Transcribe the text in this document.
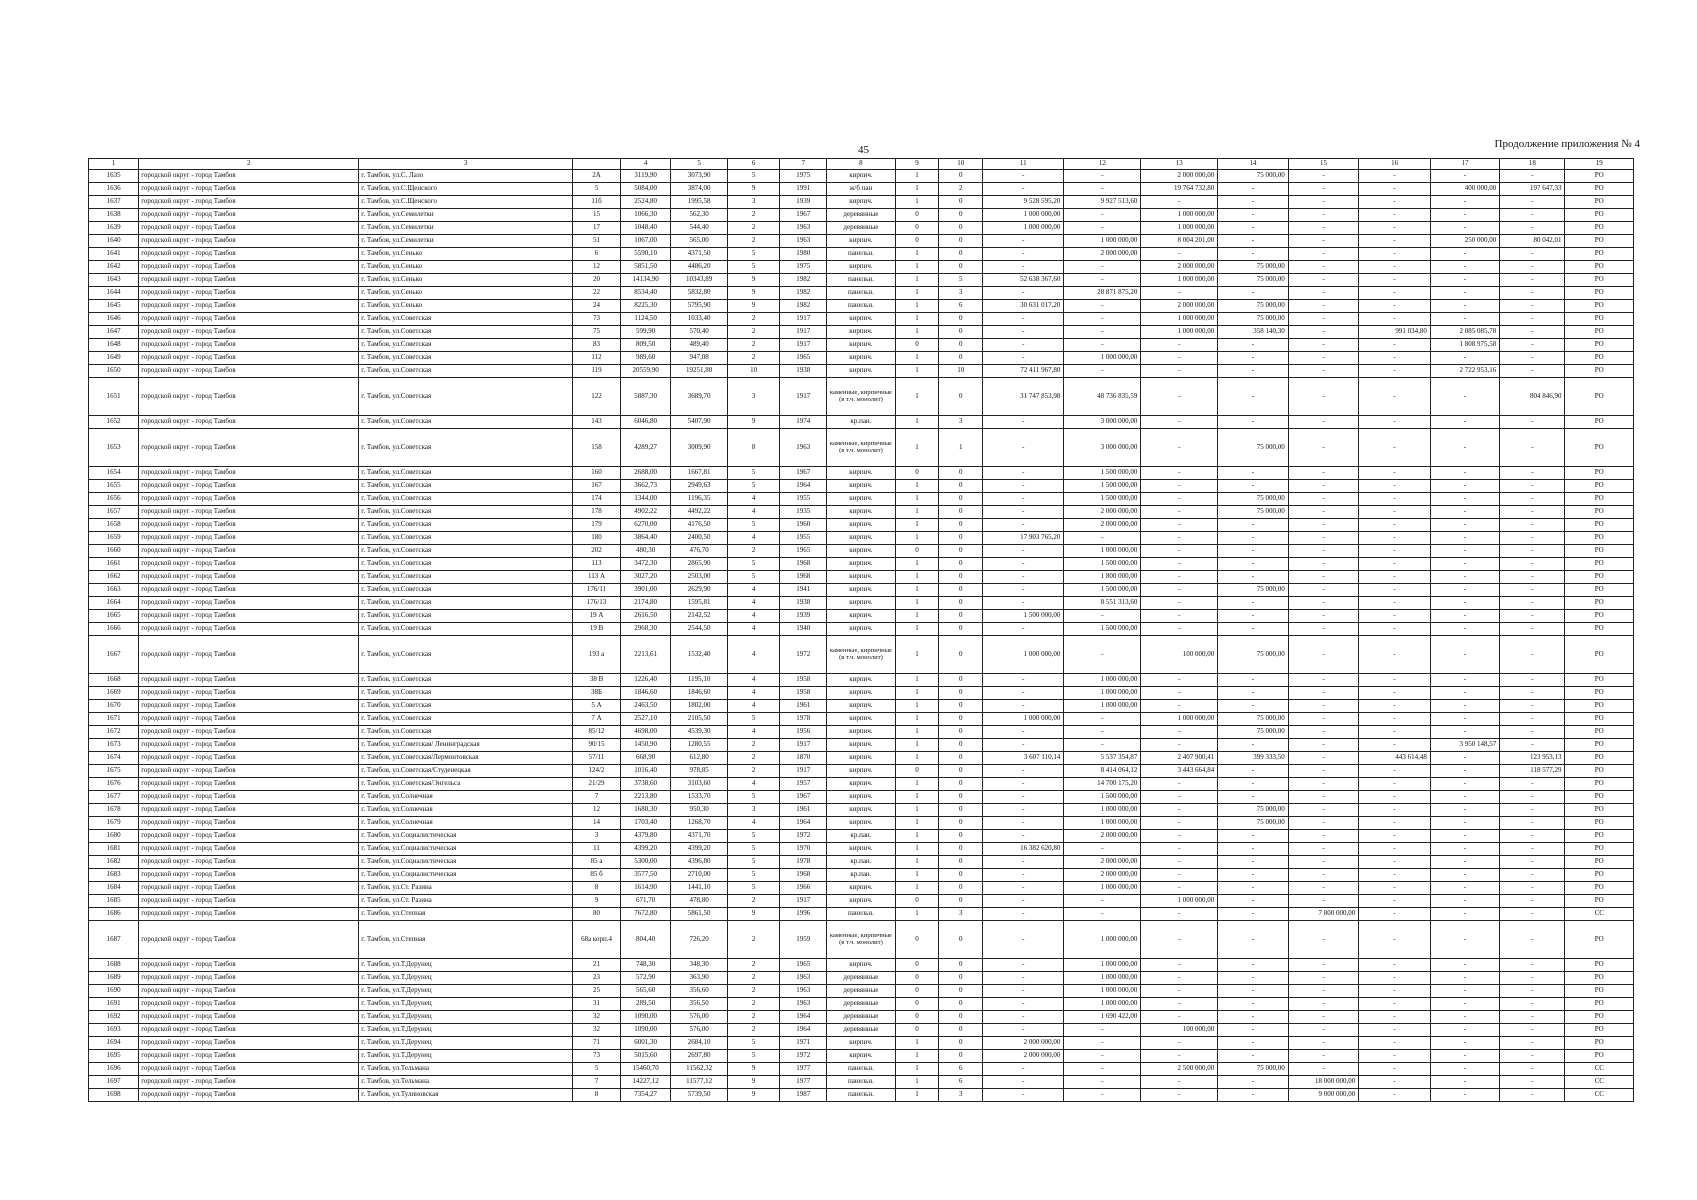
45	Продолжение приложения № 4
1	2	3		4	5	6	7	8	9	10	11	12	13	14	15	16	17	18	19
1635	городской округ - город Тамбов	г. Тамбов, ул.С. Лазо	2А	3119,90	3073,90	5	1975	кирпич.	1	0	-	-	2 000 000,00	75 000,00	-	-	-	-	РО
1636	городской округ - город Тамбов	г. Тамбов, ул.С.Щенского	5	5084,00	3874,00	9	1991	ж/б пан	1	2	-	-	19 764 732,80	-	-	-	400 000,00	197 647,33	РО
1637	городской округ - город Тамбов	г. Тамбов, ул.С.Щенского	11б	2524,80	1995,58	3	1939	кирпич.	1	0	9 528 595,20	9 927 513,60	-	-	-	-	-	-	РО
1638	городской округ - город Тамбов	г. Тамбов, ул.Семилетки	15	1066,30	562,30	2	1967	деревянные	0	0	1 000 000,00	-	1 000 000,00	-	-	-	-	-	РО
1639	городской округ - город Тамбов	г. Тамбов, ул.Семилетки	17	1048,40	544,40	2	1963	деревянные	0	0	1 000 000,00	-	1 000 000,00	-	-	-	-	-	РО
1640	городской округ - город Тамбов	г. Тамбов, ул.Семилетки	51	1067,00	565,00	2	1963	кирпич.	0	0	-	1 000 000,00	8 004 201,00	-	-	-	250 000,00	80 042,01	РО
1641	городской округ - город Тамбов	г. Тамбов, ул.Сенько	6	5590,10	4371,50	5	1980	панельн.	1	0	-	2 000 000,00	-	-	-	-	-	-	РО
1642	городской округ - город Тамбов	г. Тамбов, ул.Сенько	12	5851,50	4486,20	5	1975	кирпич.	1	0	-	-	2 000 000,00	75 000,00	-	-	-	-	РО
1643	городской округ - город Тамбов	г. Тамбов, ул.Сенько	20	14134,90	10343,89	9	1982	панельн.	1	5	52 638 367,60	-	1 000 000,00	75 000,00	-	-	-	-	РО
1644	городской округ - город Тамбов	г. Тамбов, ул.Сенько	22	8534,40	5832,80	9	1982	панельн.	1	3	-	28 871 875,20	-	-	-	-	-	-	РО
1645	городской округ - город Тамбов	г. Тамбов, ул.Сенько	24	8225,30	5795,90	9	1982	панельн.	1	6	30 631 017,20	-	2 000 000,00	75 000,00	-	-	-	-	РО
1646	городской округ - город Тамбов	г. Тамбов, ул.Советская	73	1124,50	1033,40	2	1917	кирпич.	1	0	-	-	1 000 000,00	75 000,00	-	-	-	-	РО
1647	городской округ - город Тамбов	г. Тамбов, ул.Советская	75	599,90	570,40	2	1917	кирпич.	1	0	-	-	1 000 000,00	358 140,30	-	991 034,80	2 085 085,78	-	РО
1648	городской округ - город Тамбов	г. Тамбов, ул.Советская	83	809,50	489,40	2	1917	кирпич.	0	0	-	-	-	-	-	-	1 808 975,58	-	РО
1649	городской округ - город Тамбов	г. Тамбов, ул.Советская	112	989,60	947,08	2	1965	кирпич.	1	0	-	1 000 000,00	-	-	-	-	-	-	РО
1650	городской округ - город Тамбов	г. Тамбов, ул.Советская	119	20559,90	19251,80	10	1938	кирпич.	1	10	72 411 967,80	-	-	-	-	-	2 722 953,16	-	РО
1651	городской округ - город Тамбов	г. Тамбов, ул.Советская	122	5887,30	3689,70	3	1917	каменные, кирпичные (в т.ч. монолит)	1	0	31 747 853,98	48 736 835,59	-	-	-	-	-	804 846,90	РО
1652	городской округ - город Тамбов	г. Тамбов, ул.Советская	143	6046,80	5407,90	9	1974	кр.пан.	1	3	-	3 000 000,00	-	-	-	-	-	-	РО
1653	городской округ - город Тамбов	г. Тамбов, ул.Советская	158	4289,27	3009,90	8	1963	каменные, кирпичные (в т.ч. монолит)	1	1	-	3 000 000,00	-	75 000,00	-	-	-	-	РО
1654	городской округ - город Тамбов	г. Тамбов, ул.Советская	160	2688,00	1667,81	5	1967	кирпич.	0	0	-	1 500 000,00	-	-	-	-	-	-	РО
1655	городской округ - город Тамбов	г. Тамбов, ул.Советская	167	3662,73	2949,63	5	1964	кирпич.	1	0	-	1 500 000,00	-	-	-	-	-	-	РО
1656	городской округ - город Тамбов	г. Тамбов, ул.Советская	174	1344,00	1196,35	4	1955	кирпич.	1	0	-	1 500 000,00	-	75 000,00	-	-	-	-	РО
1657	городской округ - город Тамбов	г. Тамбов, ул.Советская	178	4902,22	4492,22	4	1935	кирпич.	1	0	-	2 000 000,00	-	75 000,00	-	-	-	-	РО
1658	городской округ - город Тамбов	г. Тамбов, ул.Советская	179	6270,00	4176,50	5	1960	кирпич.	1	0	-	2 000 000,00	-	-	-	-	-	-	РО
1659	городской округ - город Тамбов	г. Тамбов, ул.Советская	180	3864,40	2400,50	4	1955	кирпич.	1	0	17 903 765,20	-	-	-	-	-	-	-	РО
1660	городской округ - город Тамбов	г. Тамбов, ул.Советская	202	480,30	476,70	2	1965	кирпич.	0	0	-	1 000 000,00	-	-	-	-	-	-	РО
1661	городской округ - город Тамбов	г. Тамбов, ул.Советская	113	3472,30	2865,90	5	1968	кирпич.	1	0	-	1 500 000,00	-	-	-	-	-	-	РО
1662	городской округ - город Тамбов	г. Тамбов, ул.Советская	113 А	3027,20	2503,00	5	1968	кирпич.	1	0	-	1 800 000,00	-	-	-	-	-	-	РО
1663	городской округ - город Тамбов	г. Тамбов, ул.Советская	176/11	3901,00	2629,90	4	1941	кирпич.	1	0	-	1 500 000,00	-	75 000,00	-	-	-	-	РО
1664	городской округ - город Тамбов	г. Тамбов, ул.Советская	176/13	2174,80	1595,81	4	1938	кирпич.	1	0	-	8 551 313,60	-	-	-	-	-	-	РО
1665	городской округ - город Тамбов	г. Тамбов, ул.Советская	19 А	2616,50	2142,52	4	1939	кирпич.	1	0	1 500 000,00	-	-	-	-	-	-	-	РО
1666	городской округ - город Тамбов	г. Тамбов, ул.Советская	19 В	2968,30	2544,50	4	1940	кирпич.	1	0	-	1 500 000,00	-	-	-	-	-	-	РО
1667	городской округ - город Тамбов	г. Тамбов, ул.Советская	193 а	2213,61	1532,40	4	1972	каменные, кирпичные (в т.ч. монолит)	1	0	1 000 000,00	-	100 000,00	75 000,00	-	-	-	-	РО
1668	городской округ - город Тамбов	г. Тамбов, ул.Советская	38 В	1226,40	1195,10	4	1958	кирпич.	1	0	-	1 000 000,00	-	-	-	-	-	-	РО
1669	городской округ - город Тамбов	г. Тамбов, ул.Советская	38Б	1846,60	1846,60	4	1958	кирпич.	1	0	-	1 000 000,00	-	-	-	-	-	-	РО
1670	городской округ - город Тамбов	г. Тамбов, ул.Советская	5 А	2463,50	1802,00	4	1961	кирпич.	1	0	-	1 000 000,00	-	-	-	-	-	-	РО
1671	городской округ - город Тамбов	г. Тамбов, ул.Советская	7 А	2527,10	2105,50	5	1978	кирпич.	1	0	1 000 000,00	-	1 000 000,00	75 000,00	-	-	-	-	РО
1672	городской округ - город Тамбов	г. Тамбов, ул.Советская	85/12	4698,00	4539,30	4	1956	кирпич.	1	0	-	-	-	75 000,00	-	-	-	-	РО
1673	городской округ - город Тамбов	г. Тамбов, ул.Советская/ Ленинградская	90/15	1450,90	1280,55	2	1917	кирпич.	1	0	-	-	-	-	-	-	3 950 148,57	-	РО
1674	городской округ - город Тамбов	г. Тамбов, ул.Советская/Лермонтовская	57/11	668,90	612,80	2	1870	кирпич.	1	0	3 607 110,14	5 537 354,87	2 407 900,41	399 333,50	-	443 614,48	-	123 953,13	РО
1675	городской округ - город Тамбов	г. Тамбов, ул.Советская/Студенецкая	124/2	1016,40	978,85	2	1917	кирпич.	0	0	-	8 414 064,12	3 443 664,84	-	-	-	-	118 577,29	РО
1676	городской округ - город Тамбов	г. Тамбов, ул.Советская/Энгельса	21/29	3738,60	3103,60	4	1957	кирпич.	1	0	-	14 700 175,20	-	-	-	-	-	-	РО
1677	городской округ - город Тамбов	г. Тамбов, ул.Солнечная	7	2213,80	1533,70	5	1967	кирпич.	1	0	-	1 500 000,00	-	-	-	-	-	-	РО
1678	городской округ - город Тамбов	г. Тамбов, ул.Солнечная	12	1680,30	950,30	3	1961	кирпич.	1	0	-	1 000 000,00	-	75 000,00	-	-	-	-	РО
1679	городской округ - город Тамбов	г. Тамбов, ул.Солнечная	14	1703,40	1268,70	4	1964	кирпич.	1	0	-	1 000 000,00	-	75 000,00	-	-	-	-	РО
1680	городской округ - город Тамбов	г. Тамбов, ул.Социалистическая	3	4379,80	4371,70	5	1972	кр.пан.	1	0	-	2 000 000,00	-	-	-	-	-	-	РО
1681	городской округ - город Тамбов	г. Тамбов, ул.Социалистическая	11	4399,20	4399,20	5	1970	кирпич.	1	0	16 382 620,80	-	-	-	-	-	-	-	РО
1682	городской округ - город Тамбов	г. Тамбов, ул.Социалистическая	85 а	5300,00	4396,80	5	1978	кр.пан.	1	0	-	2 000 000,00	-	-	-	-	-	-	РО
1683	городской округ - город Тамбов	г. Тамбов, ул.Социалистическая	85 б	3577,50	2710,00	5	1968	кр.пан.	1	0	-	2 000 000,00	-	-	-	-	-	-	РО
1684	городской округ - город Тамбов	г. Тамбов, ул.Ст. Разина	8	1614,90	1441,10	5	1966	кирпич.	1	0	-	1 000 000,00	-	-	-	-	-	-	РО
1685	городской округ - город Тамбов	г. Тамбов, ул.Ст. Разина	9	671,70	478,80	2	1917	кирпич.	0	0	-	-	1 000 000,00	-	-	-	-	-	РО
1686	городской округ - город Тамбов	г. Тамбов, ул.Степная	80	7672,80	5861,50	9	1996	панельн.	1	3	-	-	-	-	7 800 000,00	-	-	-	СС
1687	городской округ - город Тамбов	г. Тамбов, ул.Степная	68а корп.4	804,40	726,20	2	1959	каменные, кирпичные (в т.ч. монолит)	0	0	-	1 000 000,00	-	-	-	-	-	-	РО
1688	городской округ - город Тамбов	г. Тамбов, ул.Т.Дерунец	21	748,30	348,30	2	1965	кирпич.	0	0	-	1 000 000,00	-	-	-	-	-	-	РО
1689	городской округ - город Тамбов	г. Тамбов, ул.Т.Дерунец	23	572,90	363,90	2	1963	деревянные	0	0	-	1 000 000,00	-	-	-	-	-	-	РО
1690	городской округ - город Тамбов	г. Тамбов, ул.Т.Дерунец	25	565,60	356,60	2	1963	деревянные	0	0	-	1 000 000,00	-	-	-	-	-	-	РО
1691	городской округ - город Тамбов	г. Тамбов, ул.Т.Дерунец	31	289,50	356,50	2	1963	деревянные	0	0	-	1 000 000,00	-	-	-	-	-	-	РО
1692	городской округ - город Тамбов	г. Тамбов, ул.Т.Дерунец	32	1090,00	576,00	2	1964	деревянные	0	0	-	1 690 422,00	-	-	-	-	-	-	РО
1693	городской округ - город Тамбов	г. Тамбов, ул.Т.Дерунец	32	1090,00	576,00	2	1964	деревянные	0	0	-	-	100 000,00	-	-	-	-	-	РО
1694	городской округ - город Тамбов	г. Тамбов, ул.Т.Дерунец	71	6001,30	2684,10	5	1971	кирпич.	1	0	2 000 000,00	-	-	-	-	-	-	-	РО
1695	городской округ - город Тамбов	г. Тамбов, ул.Т.Дерунец	73	5015,60	2697,80	5	1972	кирпич.	1	0	2 000 000,00	-	-	-	-	-	-	-	РО
1696	городской округ - город Тамбов	г. Тамбов, ул.Тельмана	5	15460,70	11562,32	9	1977	панельн.	1	6	-	-	2 500 000,00	75 000,00	-	-	-	-	СС
1697	городской округ - город Тамбов	г. Тамбов, ул.Тельмана	7	14227,12	11577,12	9	1977	панельн.	1	6	-	-	-	-	18 000 000,00	-	-	-	СС
1698	городской округ - город Тамбов	г. Тамбов, ул.Тулиновская	8	7354,27	5739,50	9	1987	панельн.	1	3	-	-	-	-	9 000 000,00	-	-	-	СС
